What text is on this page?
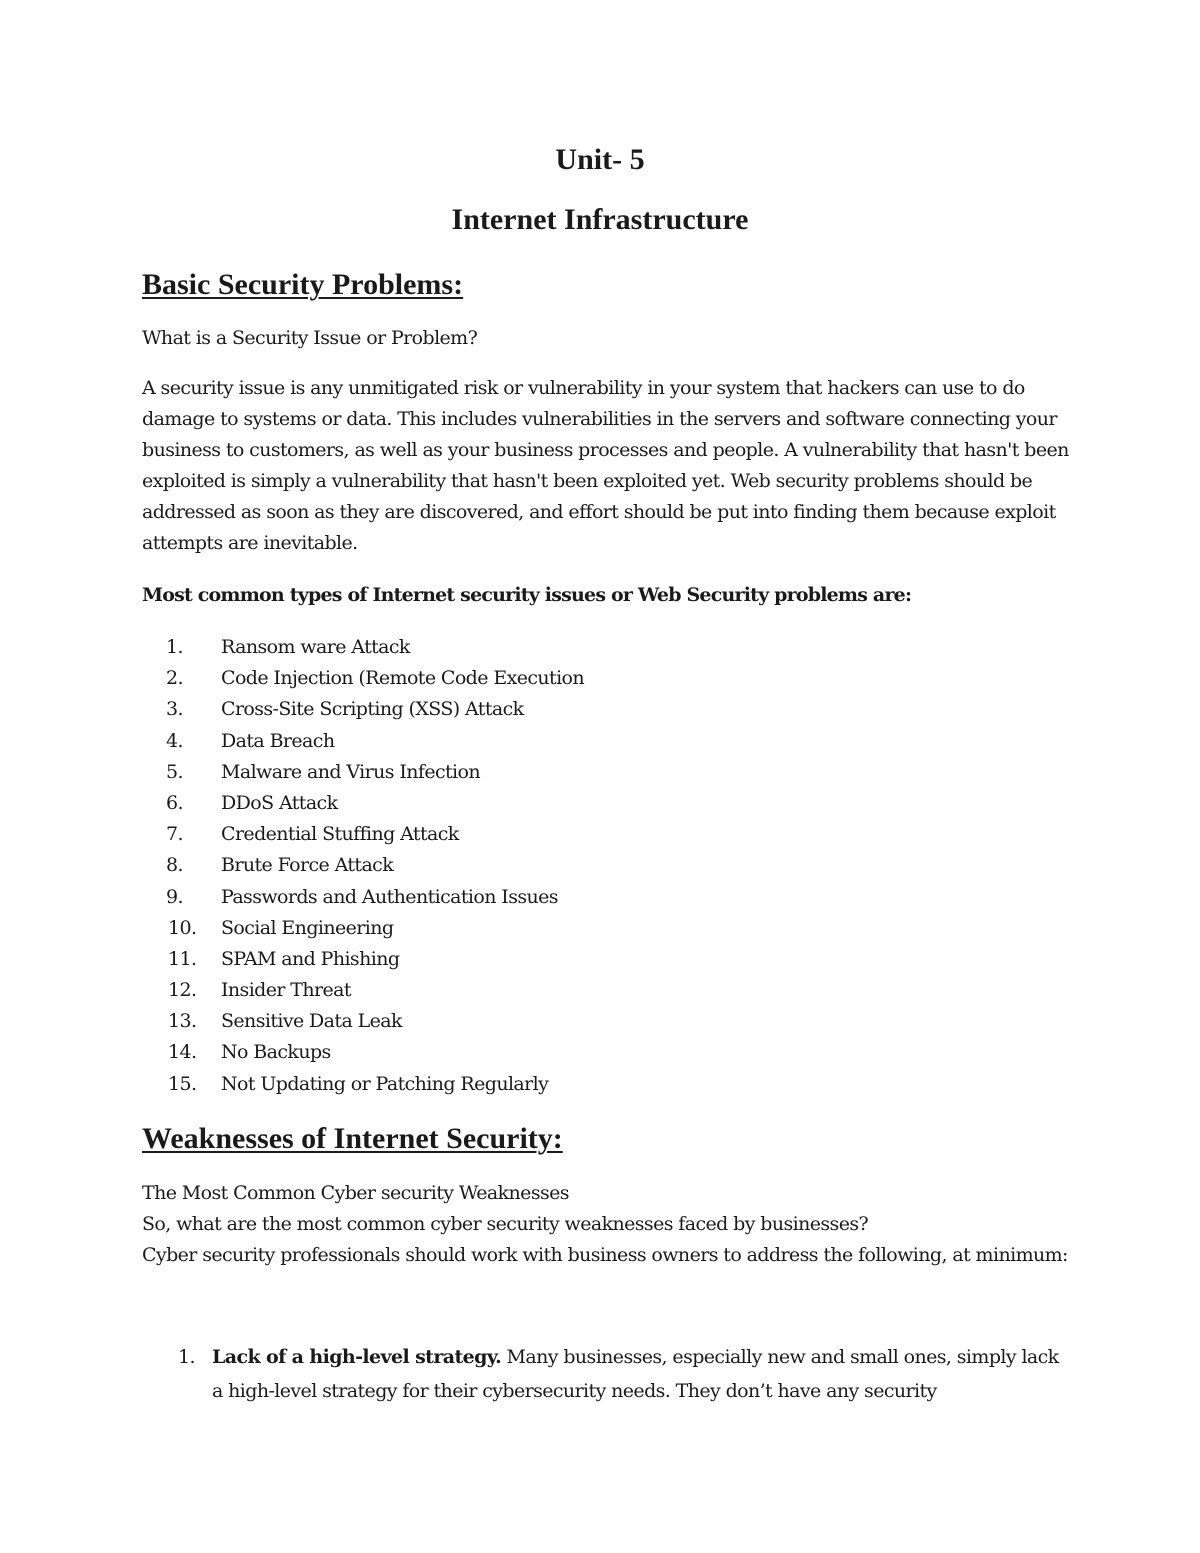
Unit- 5
Internet Infrastructure
Basic Security Problems:

What is a Security Issue or Problem?

A security issue is any unmitigated risk or vulnerability in your system that hackers can use to do damage to systems or data. This includes vulnerabilities in the servers and software connecting your business to customers, as well as your business processes and people. A vulnerability that hasn't been exploited is simply a vulnerability that hasn't been exploited yet. Web security problems should be addressed as soon as they are discovered, and effort should be put into finding them because exploit attempts are inevitable.

Most common types of Internet security issues or Web Security problems are:

1. Ransom ware Attack
2. Code Injection (Remote Code Execution
3. Cross-Site Scripting (XSS) Attack
4. Data Breach
5. Malware and Virus Infection
6. DDoS Attack
7. Credential Stuffing Attack
8. Brute Force Attack
9. Passwords and Authentication Issues
10. Social Engineering
11. SPAM and Phishing
12. Insider Threat
13. Sensitive Data Leak
14. No Backups
15. Not Updating or Patching Regularly
Weaknesses of Internet Security:

The Most Common Cyber security Weaknesses

So, what are the most common cyber security weaknesses faced by businesses?

Cyber security professionals should work with business owners to address the following, at minimum:

1. Lack of a high-level strategy. Many businesses, especially new and small ones, simply lack a high-level strategy for their cybersecurity needs. They don’t have any security
